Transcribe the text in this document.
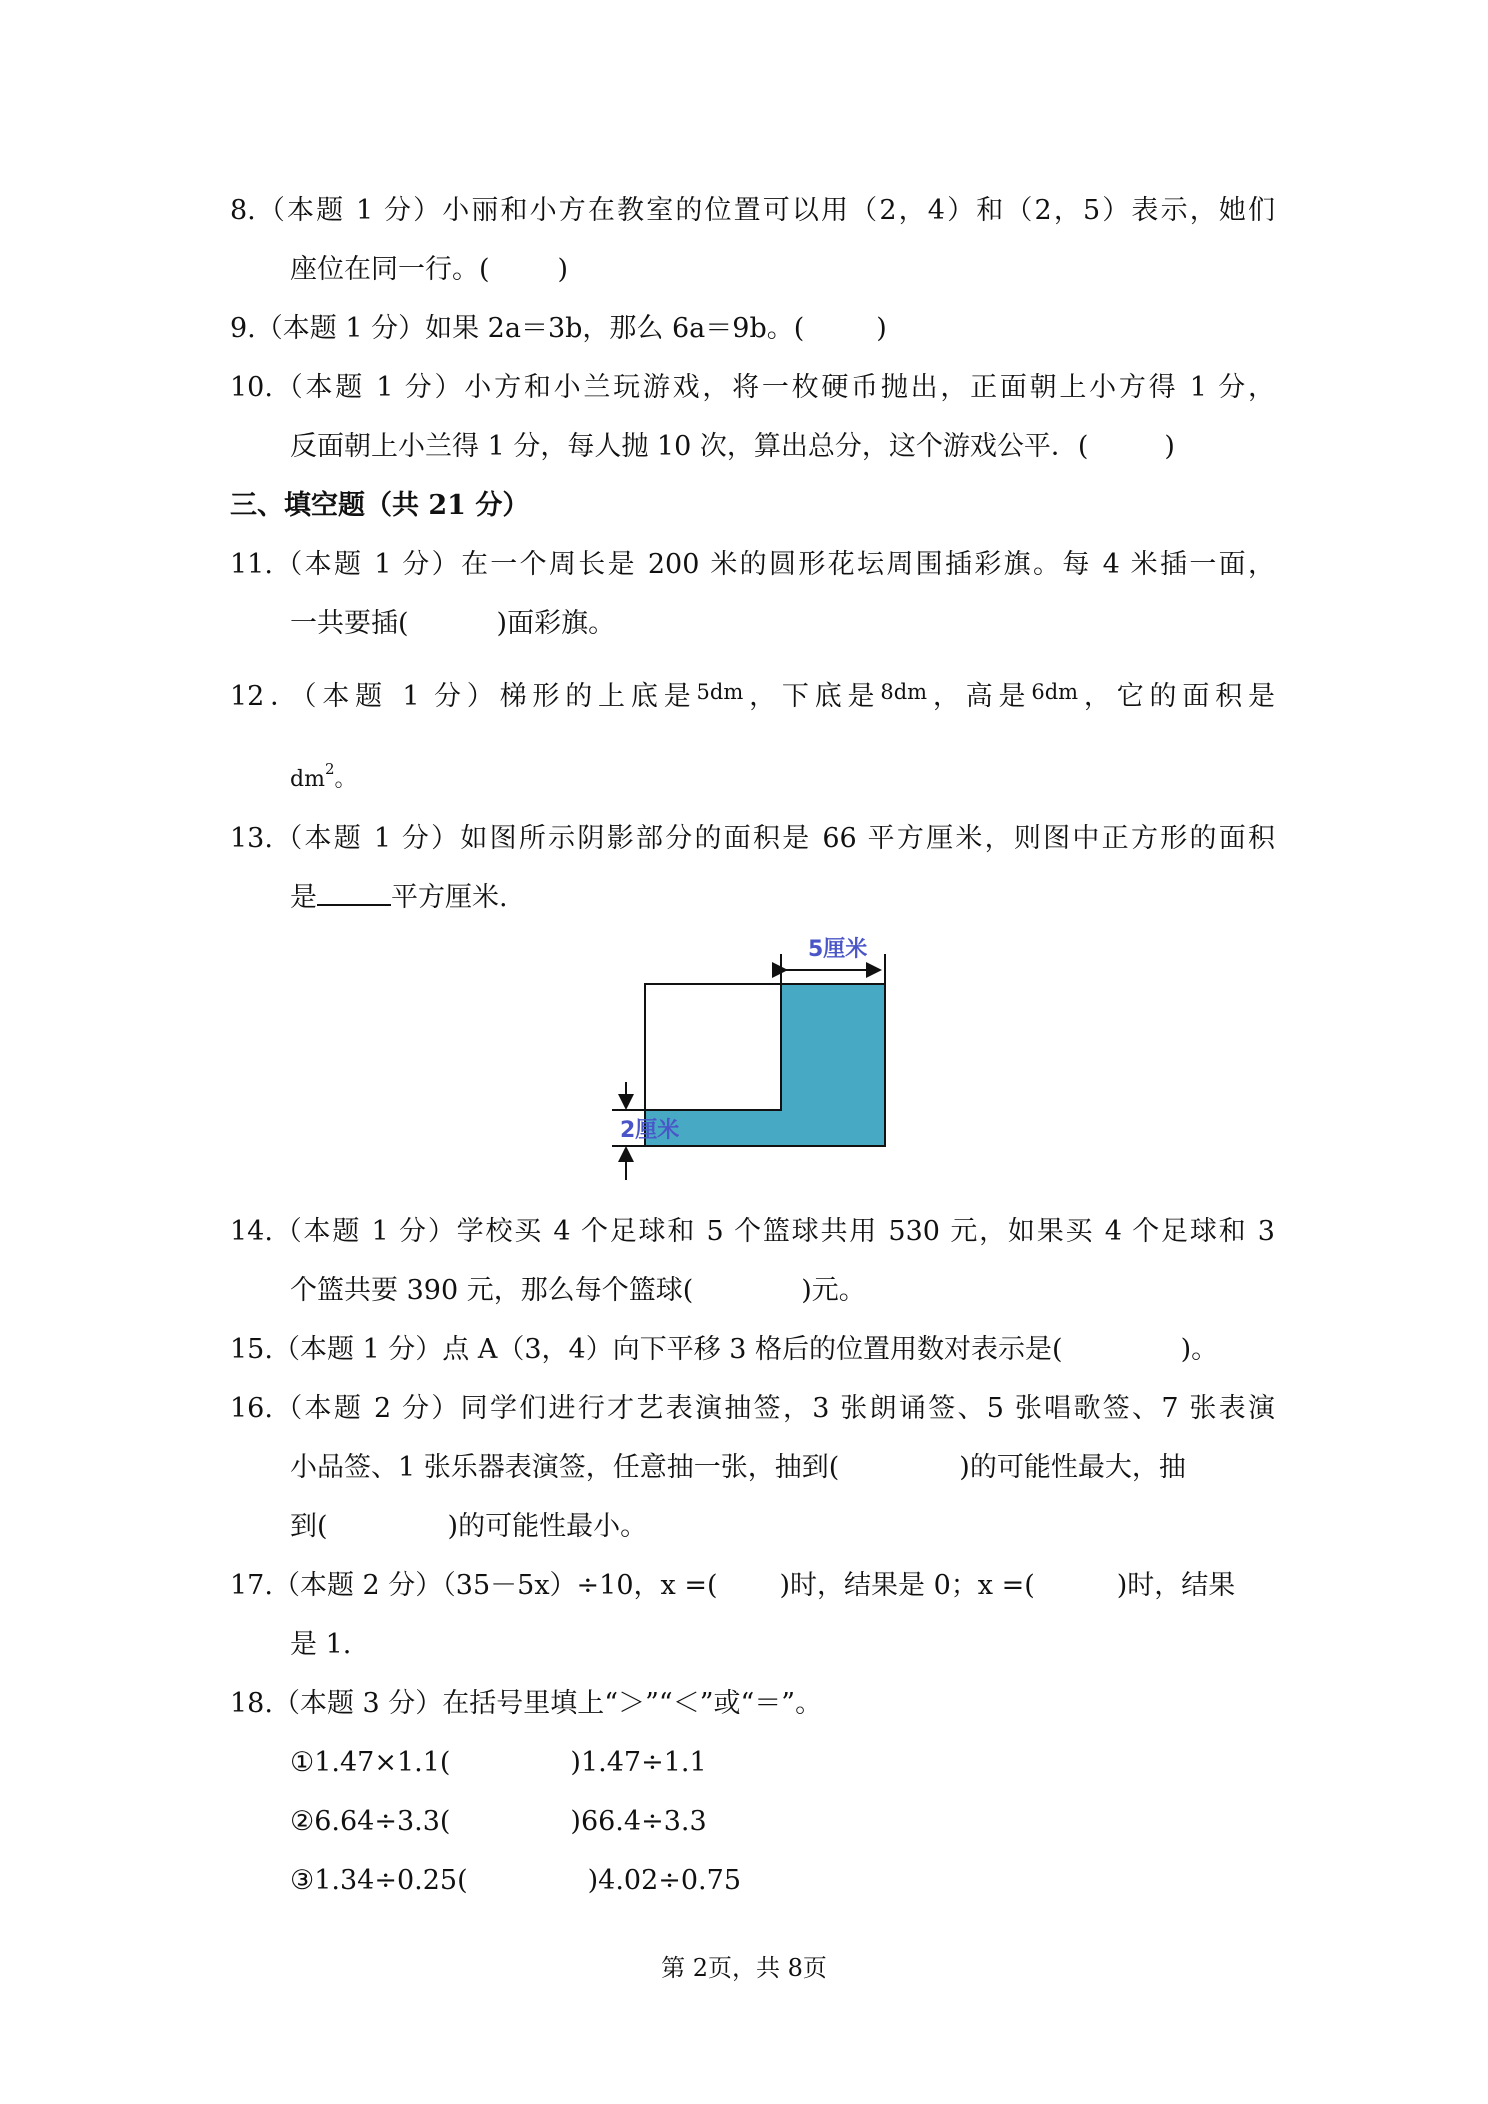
8.（本题 1 分）小丽和小方在教室的位置可以用（2，4）和（2，5）表示，她们
座位在同一行。(	)
9.（本题 1 分）如果 2a＝3b，那么 6a＝9b。(	)
10.（本题 1 分）小方和小兰玩游戏，将一枚硬币抛出，正面朝上小方得 1 分，
反面朝上小兰得 1 分，每人抛 10 次，算出总分，这个游戏公平．(	)
三、填空题（共 21 分）
11.（本题 1 分）在一个周长是 200 米的圆形花坛周围插彩旗。每 4 米插一面，
一共要插(	)面彩旗。
12．（本题 1 分）梯形的上底是$^{5dm}$，下底是$^{8dm}$，高是$^{6dm}$，它的面积是
$dm^2$。
13.（本题 1 分）如图所示阴影部分的面积是 66 平方厘米，则图中正方形的面积
是	平方厘米.
5厘米
2厘米
14.（本题 1 分）学校买 4 个足球和 5 个篮球共用 530 元，如果买 4 个足球和 3
个篮共要 390 元，那么每个篮球(	)元。
15.（本题 1 分）点 A（3，4）向下平移 3 格后的位置用数对表示是(	)。
16.（本题 2 分）同学们进行才艺表演抽签，3 张朗诵签、5 张唱歌签、7 张表演
小品签、1 张乐器表演签，任意抽一张，抽到(	)的可能性最大，抽
到(	)的可能性最小。
17.（本题 2 分）（35－5x）÷10，x =( )时，结果是 0；x =(	)时，结果
是 1.
18.（本题 3 分）在括号里填上“＞”“＜”或“＝”。
①1.47×1.1(	)1.47÷1.1
②6.64÷3.3(	)66.4÷3.3
③1.34÷0.25(	)4.02÷0.75
第 2页，共 8页
